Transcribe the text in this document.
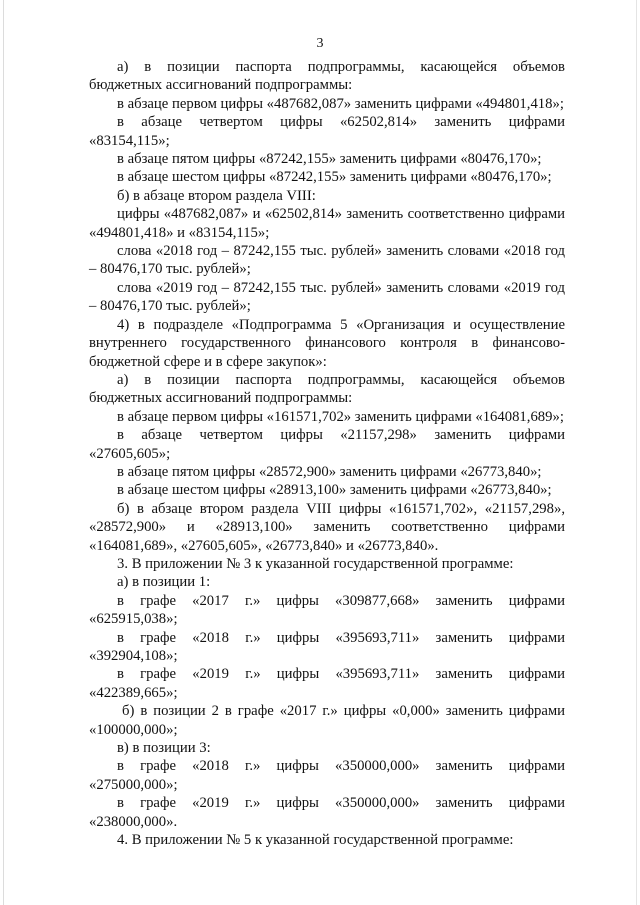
3

а) в позиции паспорта подпрограммы, касающейся объемов бюджетных ассигнований подпрограммы:

в абзаце первом цифры «487682,087» заменить цифрами «494801,418»;

в абзаце четвертом цифры «62502,814» заменить цифрами «83154,115»;

в абзаце пятом цифры «87242,155» заменить цифрами «80476,170»;

в абзаце шестом цифры «87242,155» заменить цифрами «80476,170»;

б) в абзаце втором раздела VIII:

цифры «487682,087» и «62502,814» заменить соответственно цифрами «494801,418» и «83154,115»;

слова «2018 год – 87242,155 тыс. рублей» заменить словами «2018 год – 80476,170 тыс. рублей»;

слова «2019 год – 87242,155 тыс. рублей» заменить словами «2019 год – 80476,170 тыс. рублей»;

4) в подразделе «Подпрограмма 5 «Организация и осуществление внутреннего государственного финансового контроля в финансово-бюджетной сфере и в сфере закупок»:

а) в позиции паспорта подпрограммы, касающейся объемов бюджетных ассигнований подпрограммы:

в абзаце первом цифры «161571,702» заменить цифрами «164081,689»;

в абзаце четвертом цифры «21157,298» заменить цифрами «27605,605»;

в абзаце пятом цифры «28572,900» заменить цифрами «26773,840»;

в абзаце шестом цифры «28913,100» заменить цифрами «26773,840»;

б) в абзаце втором раздела VIII цифры «161571,702», «21157,298», «28572,900» и «28913,100» заменить соответственно цифрами «164081,689», «27605,605», «26773,840» и «26773,840».

3. В приложении № 3 к указанной государственной программе:

а) в позиции 1:

в графе «2017 г.» цифры «309877,668» заменить цифрами «625915,038»;

в графе «2018 г.» цифры «395693,711» заменить цифрами «392904,108»;

в графе «2019 г.» цифры «395693,711» заменить цифрами «422389,665»;

б) в позиции 2 в графе «2017 г.» цифры «0,000» заменить цифрами «100000,000»;

в) в позиции 3:

в графе «2018 г.» цифры «350000,000» заменить цифрами «275000,000»;

в графе «2019 г.» цифры «350000,000» заменить цифрами «238000,000».

4. В приложении № 5 к указанной государственной программе:
